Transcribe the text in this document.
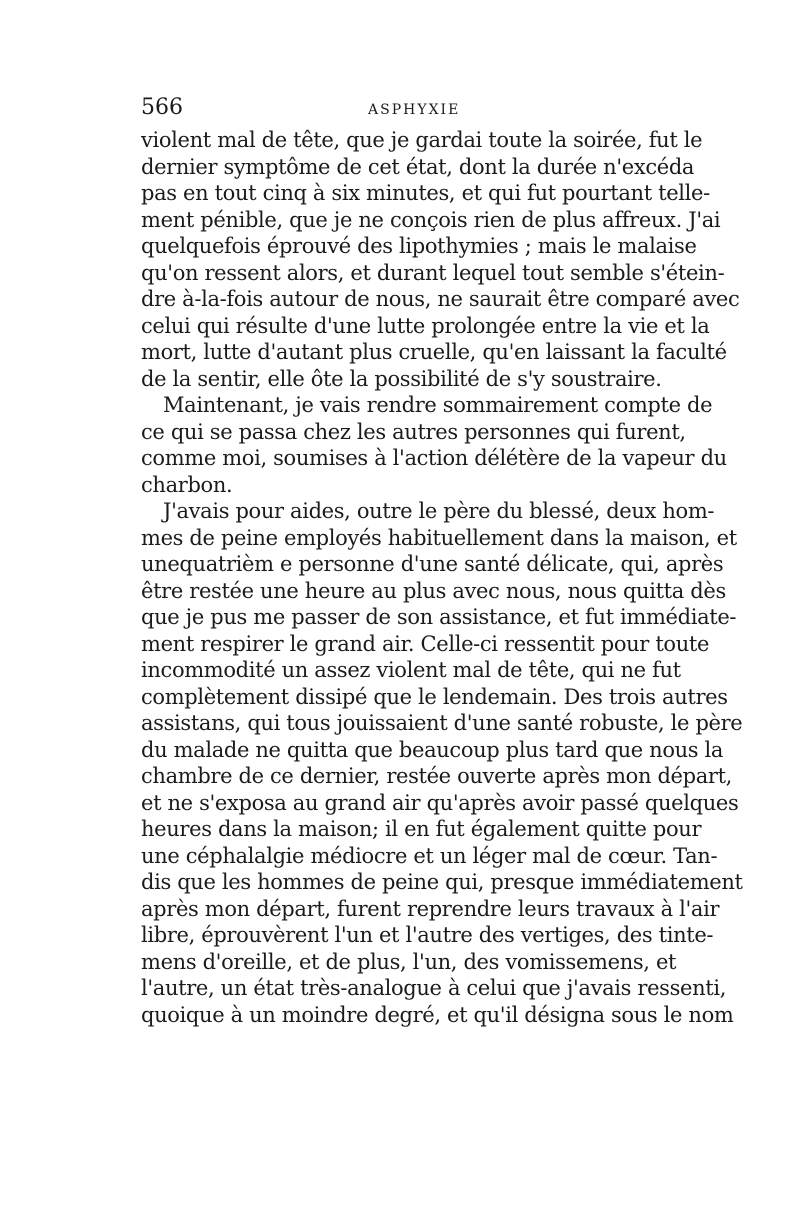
566	ASPHYXIE
violent mal de tête, que je gardai toute la soirée, fut le
dernier symptôme de cet état, dont la durée n'excéda
pas en tout cinq à six minutes, et qui fut pourtant telle-
ment pénible, que je ne conçois rien de plus affreux. J'ai
quelquefois éprouvé des lipothymies ; mais le malaise
qu'on ressent alors, et durant lequel tout semble s'étein-
dre à-la-fois autour de nous, ne saurait être comparé avec
celui qui résulte d'une lutte prolongée entre la vie et la
mort, lutte d'autant plus cruelle, qu'en laissant la faculté
de la sentir, elle ôte la possibilité de s'y soustraire.
Maintenant, je vais rendre sommairement compte de
ce qui se passa chez les autres personnes qui furent,
comme moi, soumises à l'action délétère de la vapeur du
charbon.
J'avais pour aides, outre le père du blessé, deux hom-
mes de peine employés habituellement dans la maison, et
unequatrièm e personne d'une santé délicate, qui, après
être restée une heure au plus avec nous, nous quitta dès
que je pus me passer de son assistance, et fut immédiate-
ment respirer le grand air. Celle-ci ressentit pour toute
incommodité un assez violent mal de tête, qui ne fut
complètement dissipé que le lendemain. Des trois autres
assistans, qui tous jouissaient d'une santé robuste, le père
du malade ne quitta que beaucoup plus tard que nous la
chambre de ce dernier, restée ouverte après mon départ,
et ne s'exposa au grand air qu'après avoir passé quelques
heures dans la maison; il en fut également quitte pour
une céphalalgie médiocre et un léger mal de cœur. Tan-
dis que les hommes de peine qui, presque immédiatement
après mon départ, furent reprendre leurs travaux à l'air
libre, éprouvèrent l'un et l'autre des vertiges, des tinte-
mens d'oreille, et de plus, l'un, des vomissemens, et
l'autre, un état très-analogue à celui que j'avais ressenti,
quoique à un moindre degré, et qu'il désigna sous le nom
